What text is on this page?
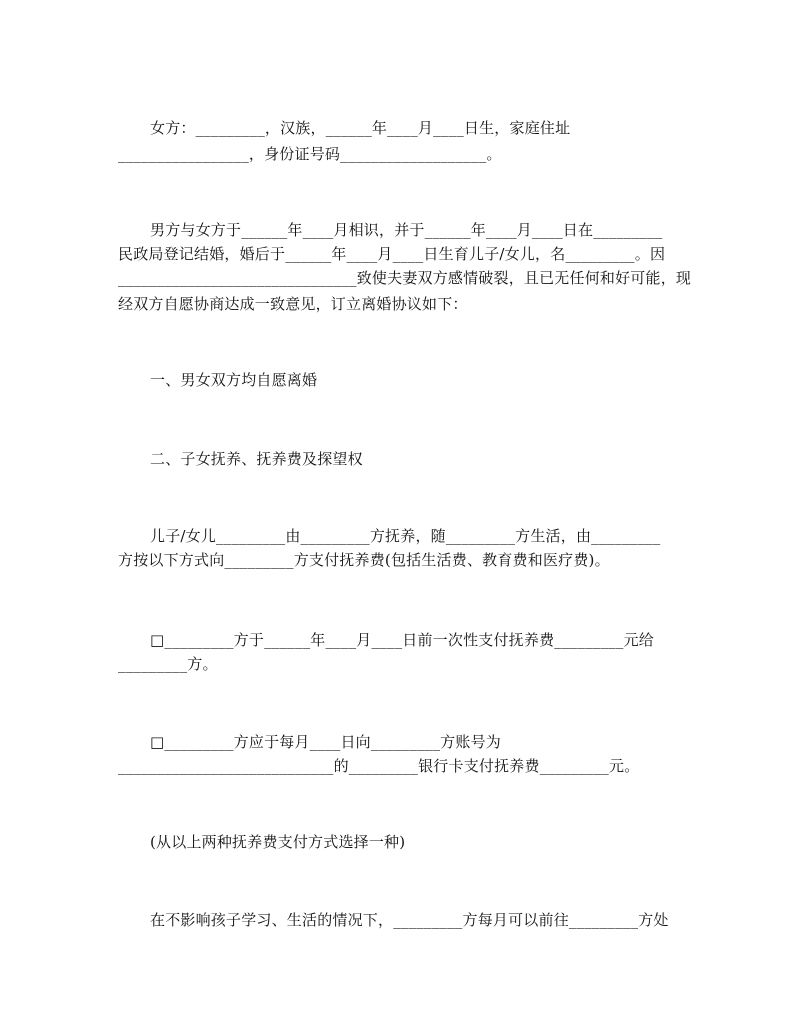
女方：_________，汉族，______年____月____日生，家庭住址
_________________，身份证号码___________________。
男方与女方于______年____月相识，并于______年____月____日在_________
民政局登记结婚，婚后于______年____月____日生育儿子/女儿，名_________。因
_______________________________致使夫妻双方感情破裂，且已无任何和好可能，现
经双方自愿协商达成一致意见，订立离婚协议如下：
一、男女双方均自愿离婚
二、子女抚养、抚养费及探望权
儿子/女儿_________由_________方抚养，随_________方生活，由_________
方按以下方式向_________方支付抚养费(包括生活费、教育费和医疗费)。
□_________方于______年____月____日前一次性支付抚养费_________元给
_________方。
□_________方应于每月____日向_________方账号为
____________________________的_________银行卡支付抚养费_________元。
(从以上两种抚养费支付方式选择一种)
在不影响孩子学习、生活的情况下，_________方每月可以前往_________方处
